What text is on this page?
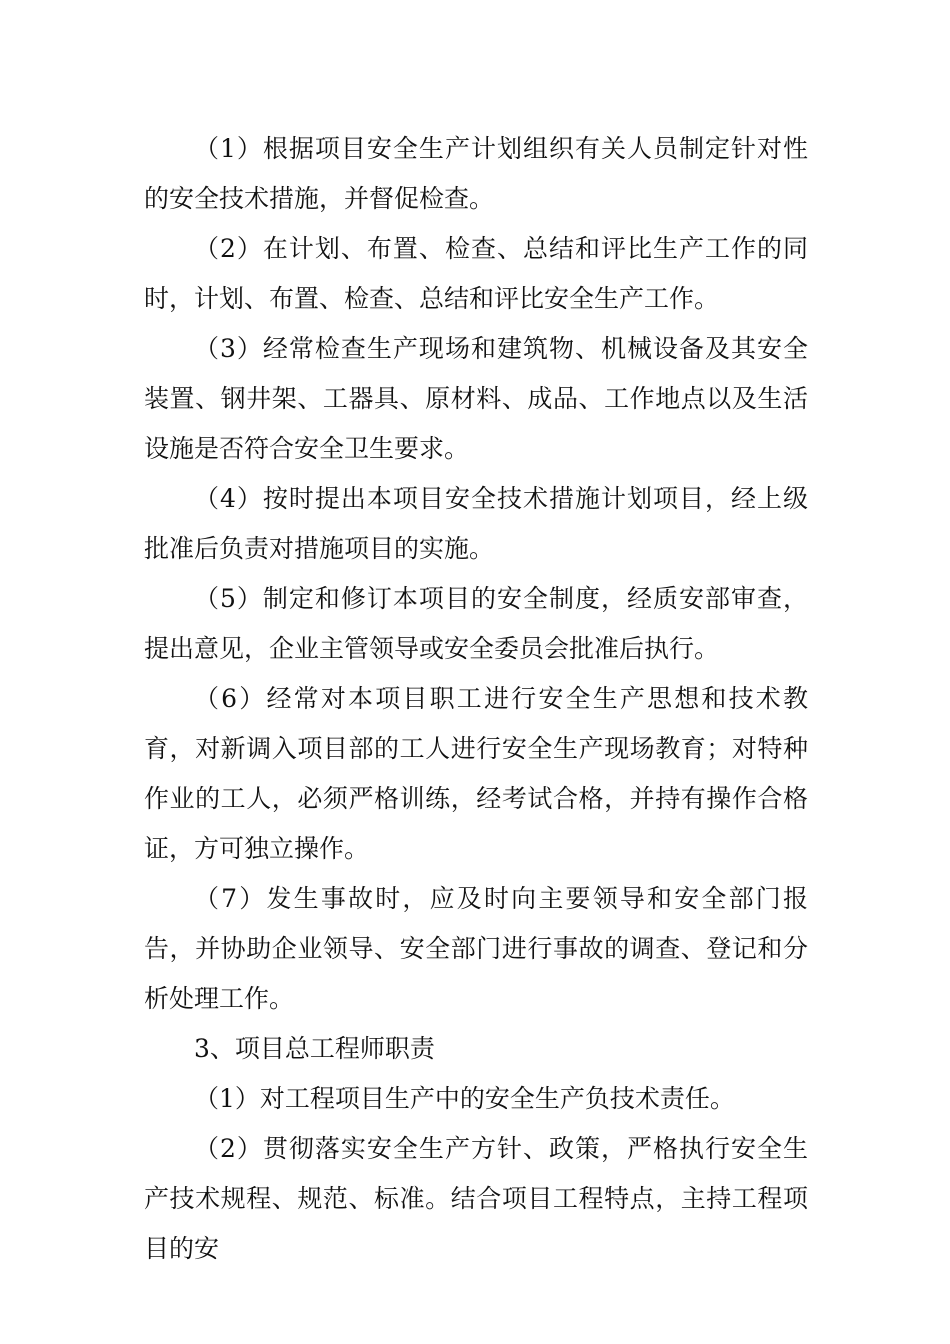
（1）根据项目安全生产计划组织有关人员制定针对性的安全技术措施，并督促检查。

（2）在计划、布置、检查、总结和评比生产工作的同时，计划、布置、检查、总结和评比安全生产工作。

（3）经常检查生产现场和建筑物、机械设备及其安全装置、钢井架、工器具、原材料、成品、工作地点以及生活设施是否符合安全卫生要求。

（4）按时提出本项目安全技术措施计划项目，经上级批准后负责对措施项目的实施。

（5）制定和修订本项目的安全制度，经质安部审查，提出意见，企业主管领导或安全委员会批准后执行。

（6）经常对本项目职工进行安全生产思想和技术教育，对新调入项目部的工人进行安全生产现场教育；对特种作业的工人，必须严格训练，经考试合格，并持有操作合格证，方可独立操作。

（7）发生事故时，应及时向主要领导和安全部门报告，并协助企业领导、安全部门进行事故的调查、登记和分析处理工作。

3、项目总工程师职责

（1）对工程项目生产中的安全生产负技术责任。

（2）贯彻落实安全生产方针、政策，严格执行安全生产技术规程、规范、标准。结合项目工程特点，主持工程项目的安
